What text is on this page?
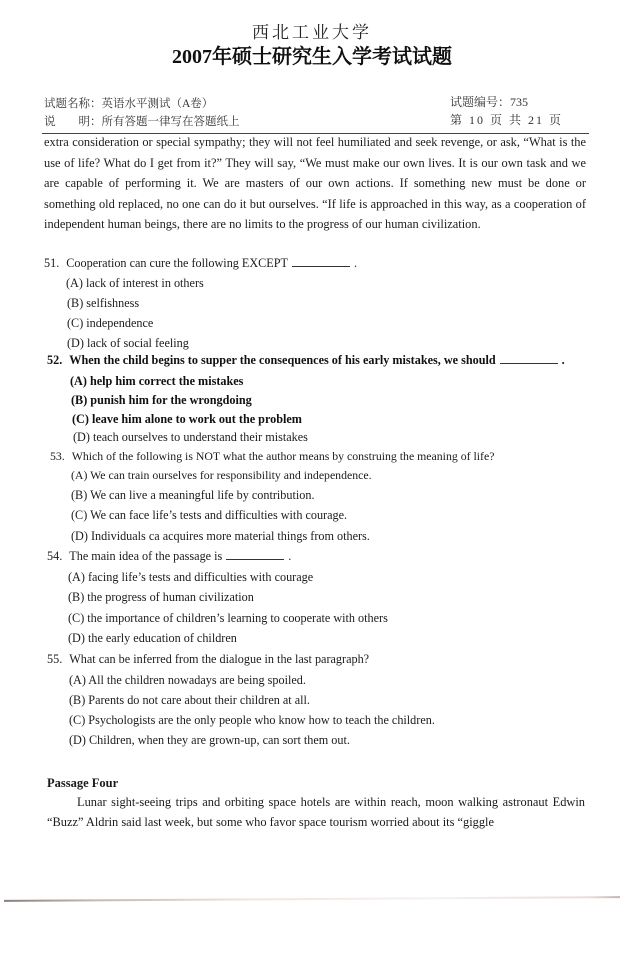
西北工业大学
2007年硕士研究生入学考试试题
试题名称：英语水平测试（A卷）
说　　明：所有答题一律写在答题纸上
试题编号：735
第 10 页 共 21 页
extra consideration or special sympathy; they will not feel humiliated and seek revenge, or ask, “What is the use of life? What do I get from it?” They will say, “We must make our own lives. It is our own task and we are capable of performing it. We are masters of our own actions. If something new must be done or something old replaced, no one can do it but ourselves. “If life is approached in this way, as a cooperation of independent human beings, there are no limits to the progress of our human civilization.
51. Cooperation can cure the following EXCEPT	.
(A) lack of interest in others
(B) selfishness
(C) independence
(D) lack of social feeling
52. When the child begins to supper the consequences of his early mistakes, we should	.
(A) help him correct the mistakes
(B) punish him for the wrongdoing
(C) leave him alone to work out the problem
(D) teach ourselves to understand their mistakes
53. Which of the following is NOT what the author means by construing the meaning of life?
(A) We can train ourselves for responsibility and independence.
(B) We can live a meaningful life by contribution.
(C) We can face life’s tests and difficulties with courage.
(D) Individuals ca acquires more material things from others.
54. The main idea of the passage is	.
(A) facing life’s tests and difficulties with courage
(B) the progress of human civilization
(C) the importance of children’s learning to cooperate with others
(D) the early education of children
55. What can be inferred from the dialogue in the last paragraph?
(A) All the children nowadays are being spoiled.
(B) Parents do not care about their children at all.
(C) Psychologists are the only people who know how to teach the children.
(D) Children, when they are grown-up, can sort them out.
Passage Four
Lunar sight-seeing trips and orbiting space hotels are within reach, moon walking astronaut Edwin “Buzz” Aldrin said last week, but some who favor space tourism worried about its “giggle
